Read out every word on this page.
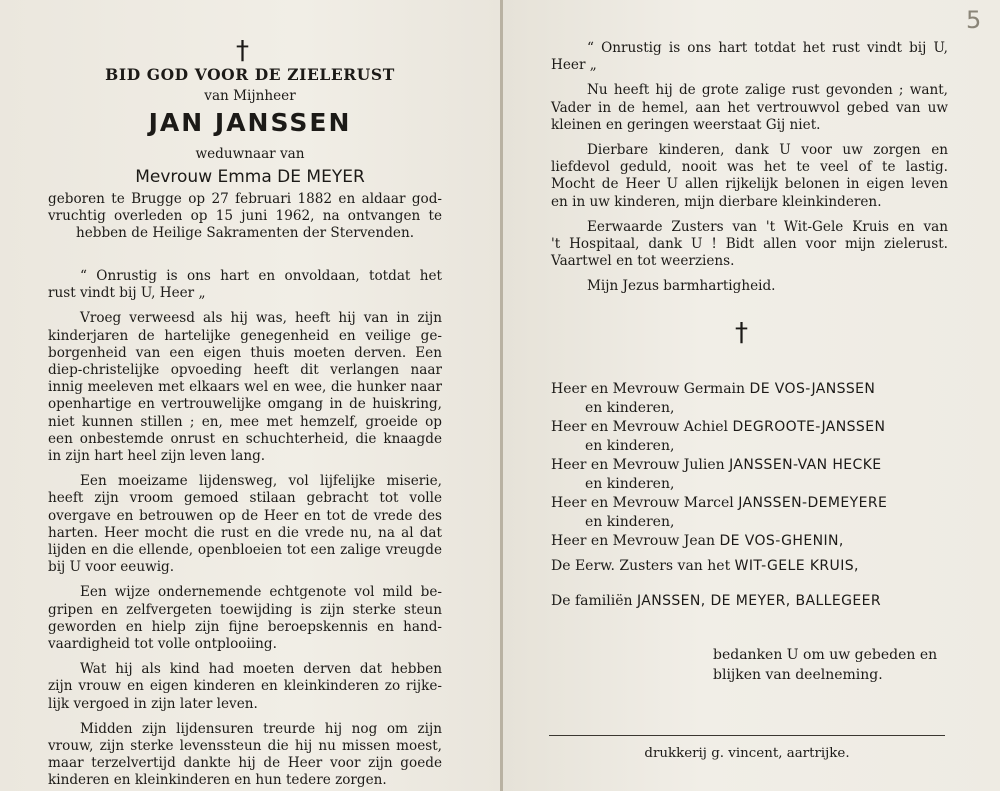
†
BID GOD VOOR DE ZIELERUST
van Mijnheer
JAN JANSSEN
weduwnaar van
Mevrouw Emma DE MEYER
geboren te Brugge op 27 februari 1882 en aldaar god-
vruchtig overleden op 15 juni 1962, na ontvangen te
hebben de Heilige Sakramenten der Stervenden.

“ Onrustig is ons hart en onvoldaan, totdat het
rust vindt bij U, Heer „

Vroeg verweesd als hij was, heeft hij van in zijn
kinderjaren de hartelijke genegenheid en veilige ge-
borgenheid van een eigen thuis moeten derven. Een
diep-christelijke opvoeding heeft dit verlangen naar
innig meeleven met elkaars wel en wee, die hunker naar
openhartige en vertrouwelijke omgang in de huiskring,
niet kunnen stillen ; en, mee met hemzelf, groeide op
een onbestemde onrust en schuchterheid, die knaagde
in zijn hart heel zijn leven lang.

Een moeizame lijdensweg, vol lijfelijke miserie,
heeft zijn vroom gemoed stilaan gebracht tot volle
overgave en betrouwen op de Heer en tot de vrede des
harten. Heer mocht die rust en die vrede nu, na al dat
lijden en die ellende, openbloeien tot een zalige vreugde
bij U voor eeuwig.

Een wijze ondernemende echtgenote vol mild be-
gripen en zelfvergeten toewijding is zijn sterke steun
geworden en hielp zijn fijne beroepskennis en hand-
vaardigheid tot volle ontplooiing.

Wat hij als kind had moeten derven dat hebben
zijn vrouw en eigen kinderen en kleinkinderen zo rijke-
lijk vergoed in zijn later leven.

Midden zijn lijdensuren treurde hij nog om zijn
vrouw, zijn sterke levenssteun die hij nu missen moest,
maar terzelvertijd dankte hij de Heer voor zijn goede
kinderen en kleinkinderen en hun tedere zorgen.

5

“ Onrustig is ons hart totdat het rust vindt bij U,
Heer „

Nu heeft hij de grote zalige rust gevonden ; want,
Vader in de hemel, aan het vertrouwvol gebed van uw
kleinen en geringen weerstaat Gij niet.

Dierbare kinderen, dank U voor uw zorgen en
liefdevol geduld, nooit was het te veel of te lastig.
Mocht de Heer U allen rijkelijk belonen in eigen leven
en in uw kinderen, mijn dierbare kleinkinderen.

Eerwaarde Zusters van 't Wit-Gele Kruis en van
't Hospitaal, dank U ! Bidt allen voor mijn zielerust.
Vaartwel en tot weerziens.

Mijn Jezus barmhartigheid.

†
Heer en Mevrouw Germain DE VOS-JANSSEN
en kinderen,
Heer en Mevrouw Achiel DEGROOTE-JANSSEN
en kinderen,
Heer en Mevrouw Julien JANSSEN-VAN HECKE
en kinderen,
Heer en Mevrouw Marcel JANSSEN-DEMEYERE
en kinderen,
Heer en Mevrouw Jean DE VOS-GHENIN,
De Eerw. Zusters van het WIT-GELE KRUIS,
De familiën JANSSEN, DE MEYER, BALLEGEER
bedanken U om uw gebeden en
blijken van deelneming.
drukkerij g. vincent, aartrijke.
